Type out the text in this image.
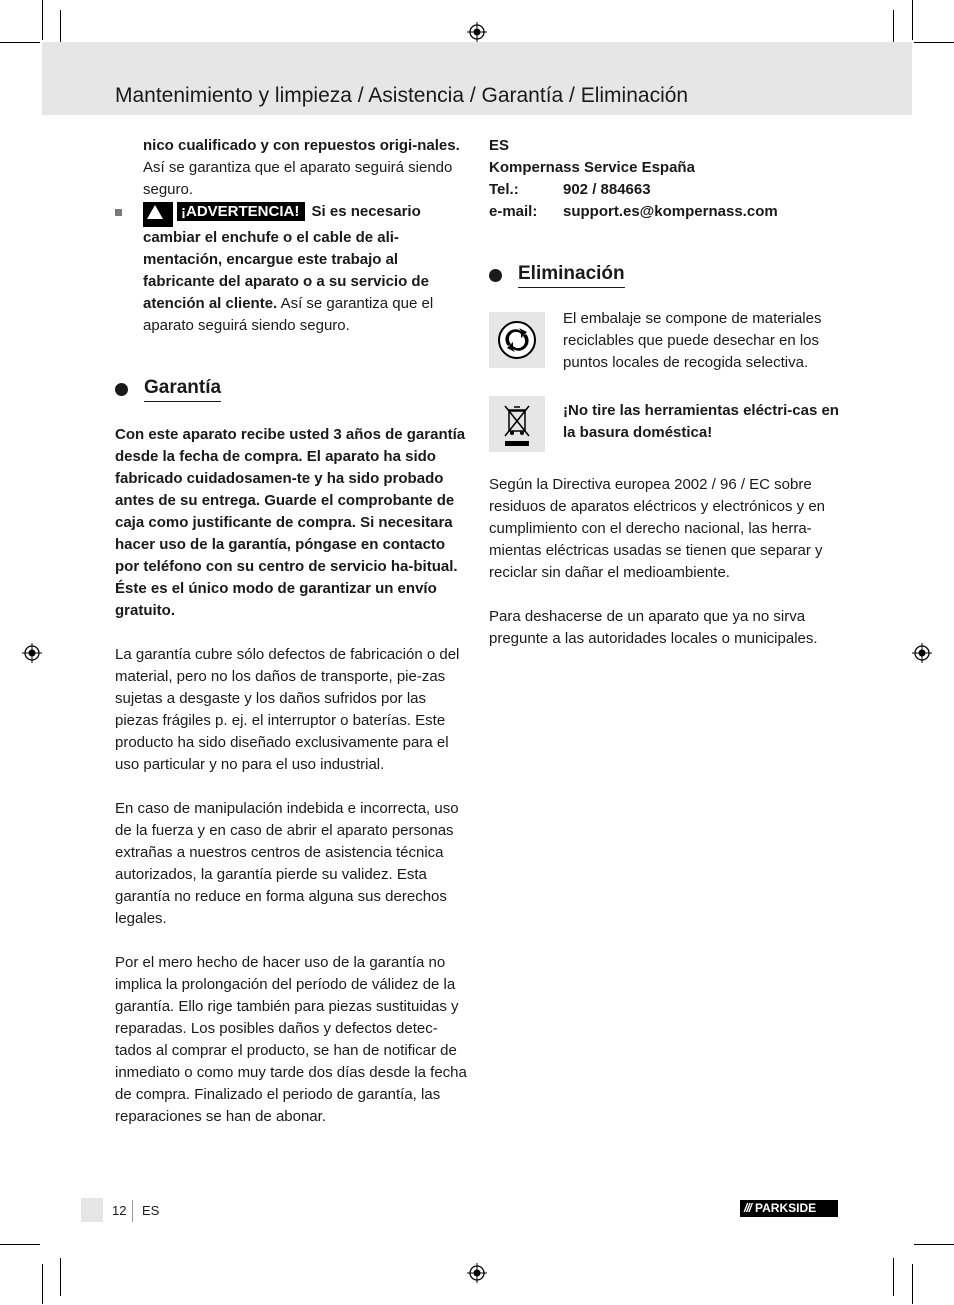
Mantenimiento y limpieza / Asistencia / Garantía / Eliminación

nico cualificado y con repuestos origi-nales. Así se garantiza que el aparato seguirá siendo seguro.

¡ADVERTENCIA! Si es necesario cambiar el enchufe o el cable de ali-mentación, encargue este trabajo al fabricante del aparato o a su servicio de atención al cliente. Así se garantiza que el aparato seguirá siendo seguro.

Garantía

Con este aparato recibe usted 3 años de garantía desde la fecha de compra. El aparato ha sido fabricado cuidadosamen-te y ha sido probado antes de su entrega. Guarde el comprobante de caja como justificante de compra. Si necesitara hacer uso de la garantía, póngase en contacto por teléfono con su centro de servicio ha-bitual. Éste es el único modo de garantizar un envío gratuito.

La garantía cubre sólo defectos de fabricación o del material, pero no los daños de transporte, pie-zas sujetas a desgaste y los daños sufridos por las piezas frágiles p. ej. el interruptor o baterías. Este producto ha sido diseñado exclusivamente para el uso particular y no para el uso industrial.

En caso de manipulación indebida e incorrecta, uso de la fuerza y en caso de abrir el aparato personas extrañas a nuestros centros de asistencia técnica autorizados, la garantía pierde su validez. Esta garantía no reduce en forma alguna sus derechos legales.

Por el mero hecho de hacer uso de la garantía no implica la prolongación del período de válidez de la garantía. Ello rige también para piezas sustituidas y reparadas. Los posibles daños y defectos detec-tados al comprar el producto, se han de notificar de inmediato o como muy tarde dos días desde la fecha de compra. Finalizado el periodo de garantía, las reparaciones se han de abonar.

ES

Kompernass Service España

Tel.:	902 / 884663
e-mail:	support.es@kompernass.com
Eliminación

El embalaje se compone de materiales reciclables que puede desechar en los puntos locales de recogida selectiva.

¡No tire las herramientas eléctri-cas en la basura doméstica!

Según la Directiva europea 2002 / 96 / EC sobre residuos de aparatos eléctricos y electrónicos y en cumplimiento con el derecho nacional, las herra-mientas eléctricas usadas se tienen que separar y reciclar sin dañar el medioambiente.

Para deshacerse de un aparato que ya no sirva pregunte a las autoridades locales o municipales.

12 ES	/// PARKSIDE
